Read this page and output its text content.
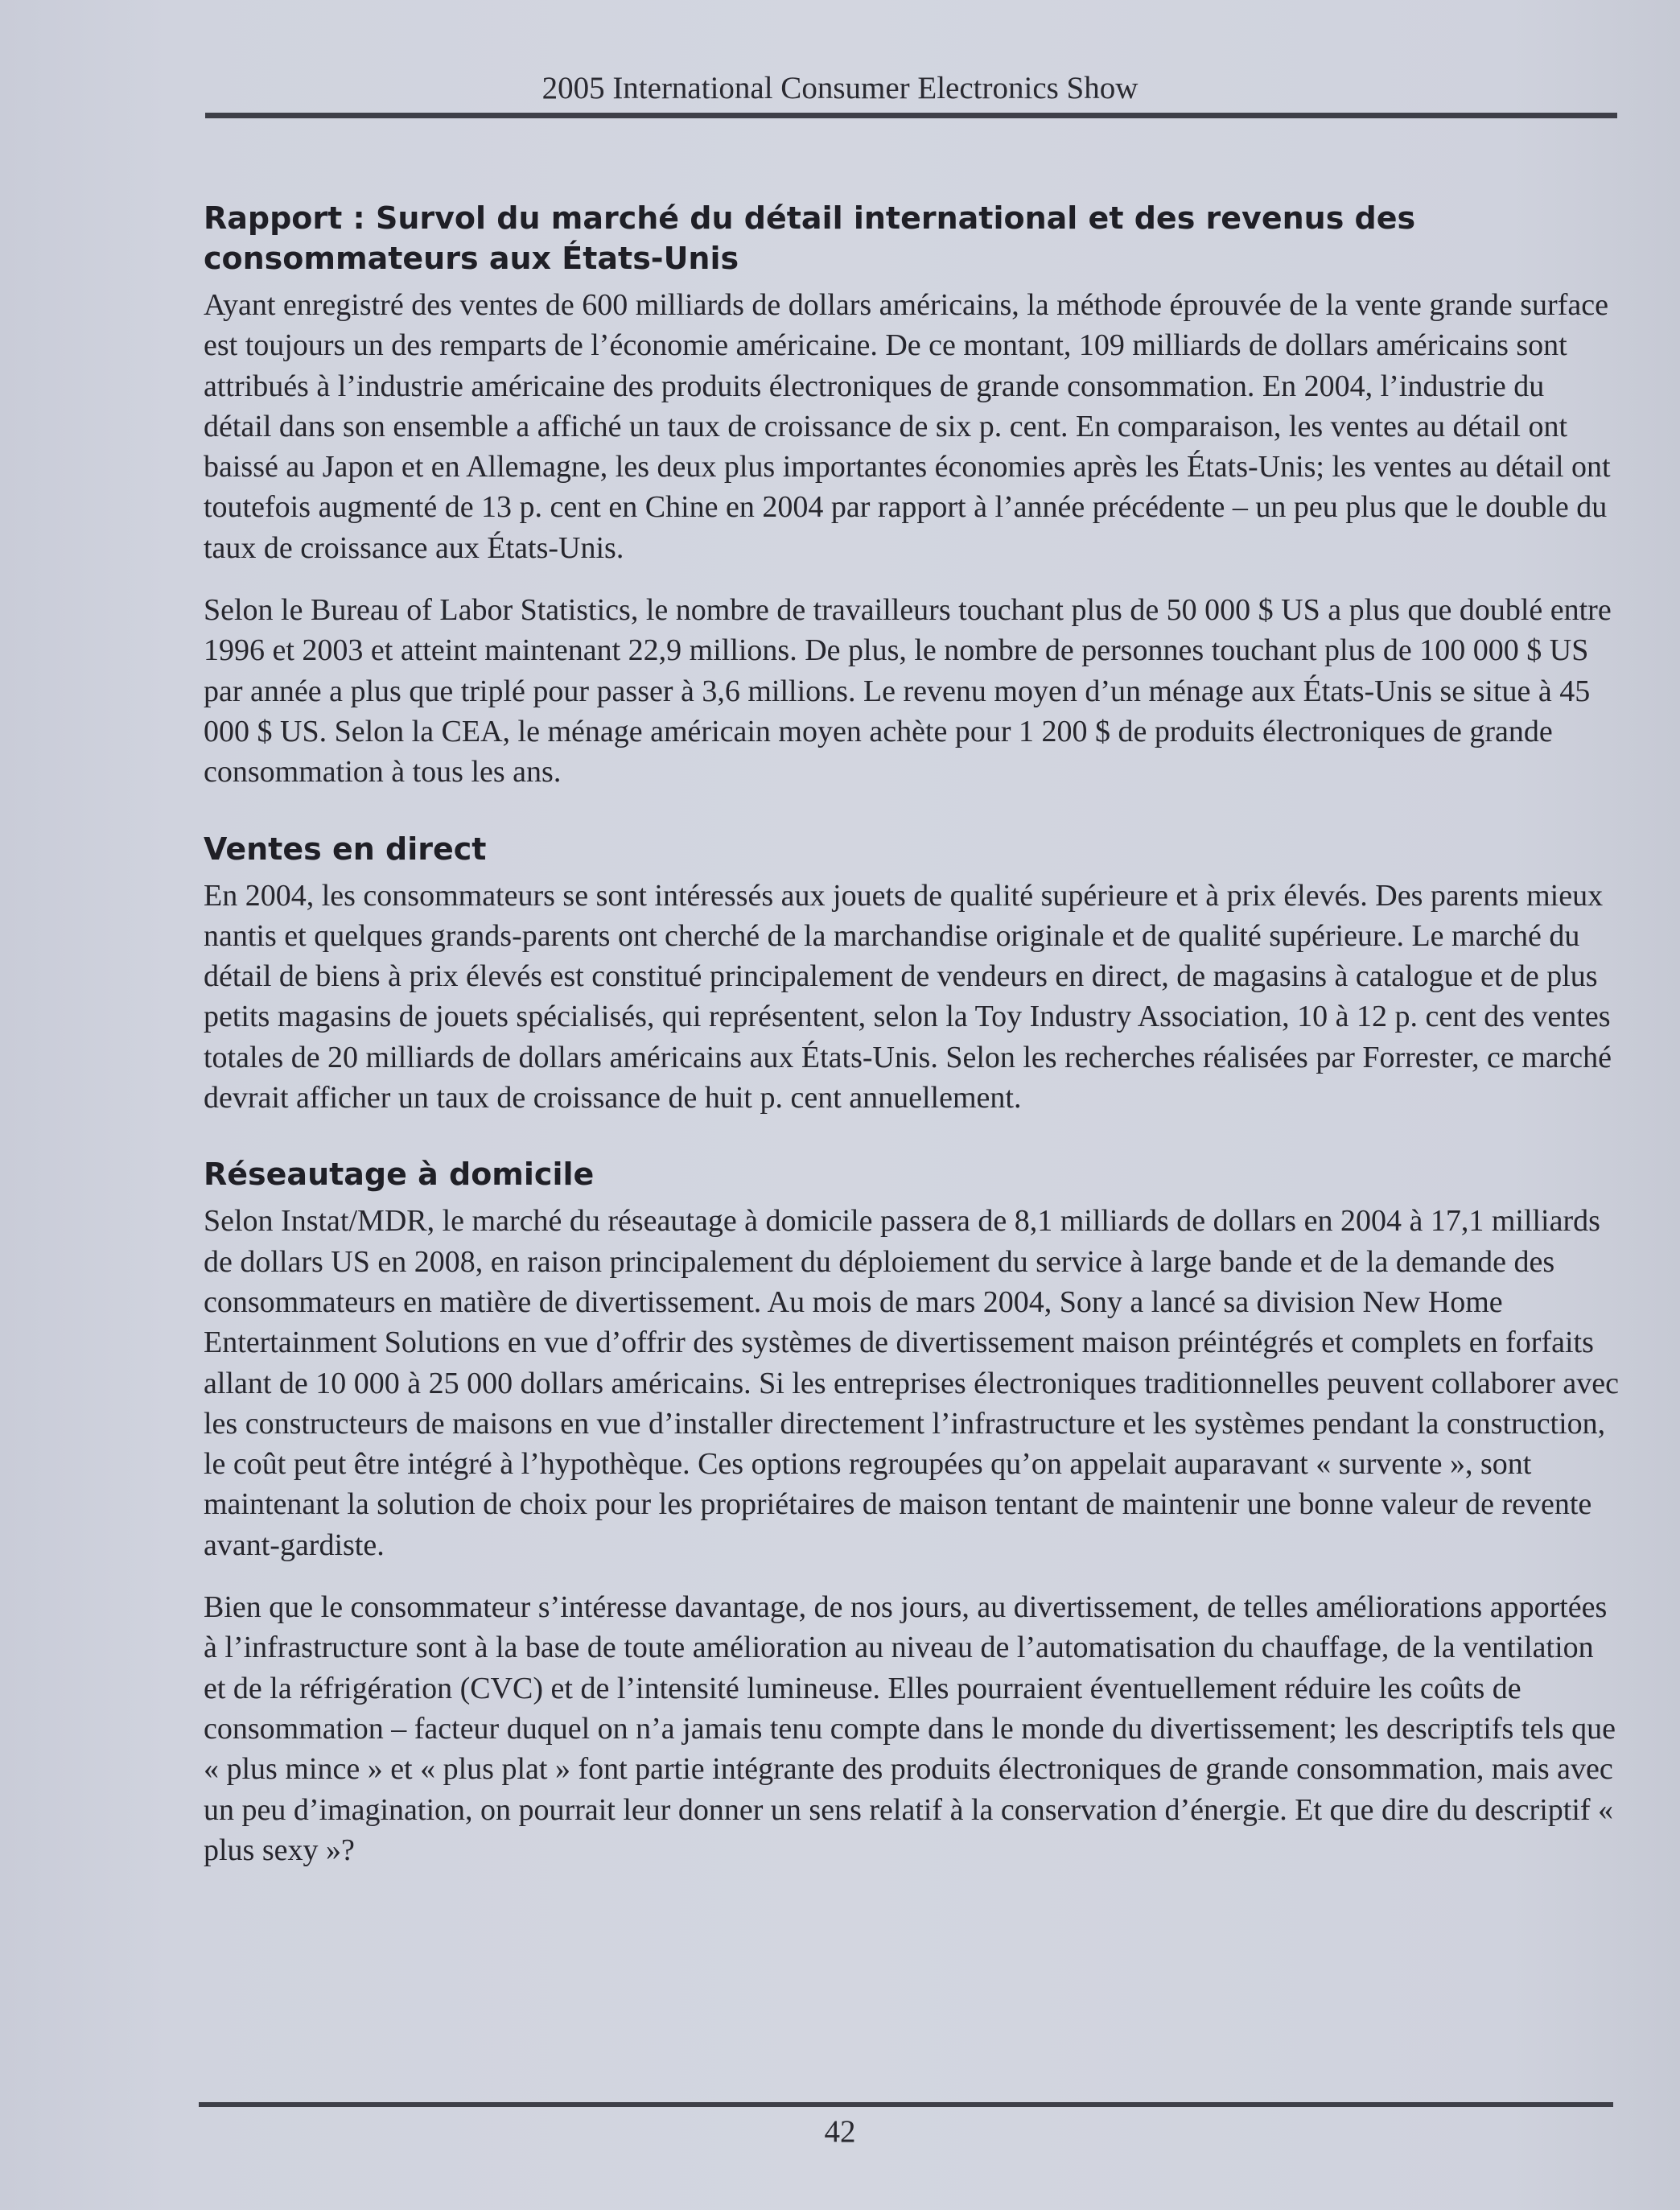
2005 International Consumer Electronics Show
Rapport : Survol du marché du détail international et des revenus des consommateurs aux États-Unis

Ayant enregistré des ventes de 600 milliards de dollars américains, la méthode éprouvée de la vente grande surface est toujours un des remparts de l’économie américaine. De ce montant, 109 milliards de dollars américains sont attribués à l’industrie américaine des produits électroniques de grande consommation. En 2004, l’industrie du détail dans son ensemble a affiché un taux de croissance de six p. cent. En comparaison, les ventes au détail ont baissé au Japon et en Allemagne, les deux plus importantes économies après les États-Unis; les ventes au détail ont toutefois augmenté de 13 p. cent en Chine en 2004 par rapport à l’année précédente – un peu plus que le double du taux de croissance aux États-Unis.

Selon le Bureau of Labor Statistics, le nombre de travailleurs touchant plus de 50 000 $ US a plus que doublé entre 1996 et 2003 et atteint maintenant 22,9 millions. De plus, le nombre de personnes touchant plus de 100 000 $ US par année a plus que triplé pour passer à 3,6 millions. Le revenu moyen d’un ménage aux États-Unis se situe à 45 000 $ US. Selon la CEA, le ménage américain moyen achète pour 1 200 $ de produits électroniques de grande consommation à tous les ans.

Ventes en direct

En 2004, les consommateurs se sont intéressés aux jouets de qualité supérieure et à prix élevés. Des parents mieux nantis et quelques grands-parents ont cherché de la marchandise originale et de qualité supérieure. Le marché du détail de biens à prix élevés est constitué principalement de vendeurs en direct, de magasins à catalogue et de plus petits magasins de jouets spécialisés, qui représentent, selon la Toy Industry Association, 10 à 12 p. cent des ventes totales de 20 milliards de dollars américains aux États-Unis. Selon les recherches réalisées par Forrester, ce marché devrait afficher un taux de croissance de huit p. cent annuellement.

Réseautage à domicile

Selon Instat/MDR, le marché du réseautage à domicile passera de 8,1 milliards de dollars en 2004 à 17,1 milliards de dollars US en 2008, en raison principalement du déploiement du service à large bande et de la demande des consommateurs en matière de divertissement. Au mois de mars 2004, Sony a lancé sa division New Home Entertainment Solutions en vue d’offrir des systèmes de divertissement maison préintégrés et complets en forfaits allant de 10 000 à 25 000 dollars américains. Si les entreprises électroniques traditionnelles peuvent collaborer avec les constructeurs de maisons en vue d’installer directement l’infrastructure et les systèmes pendant la construction, le coût peut être intégré à l’hypothèque. Ces options regroupées qu’on appelait auparavant « survente », sont maintenant la solution de choix pour les propriétaires de maison tentant de maintenir une bonne valeur de revente avant-gardiste.

Bien que le consommateur s’intéresse davantage, de nos jours, au divertissement, de telles améliorations apportées à l’infrastructure sont à la base de toute amélioration au niveau de l’automatisation du chauffage, de la ventilation et de la réfrigération (CVC) et de l’intensité lumineuse. Elles pourraient éventuellement réduire les coûts de consommation – facteur duquel on n’a jamais tenu compte dans le monde du divertissement; les descriptifs tels que « plus mince » et « plus plat » font partie intégrante des produits électroniques de grande consommation, mais avec un peu d’imagination, on pourrait leur donner un sens relatif à la conservation d’énergie. Et que dire du descriptif « plus sexy »?

42
